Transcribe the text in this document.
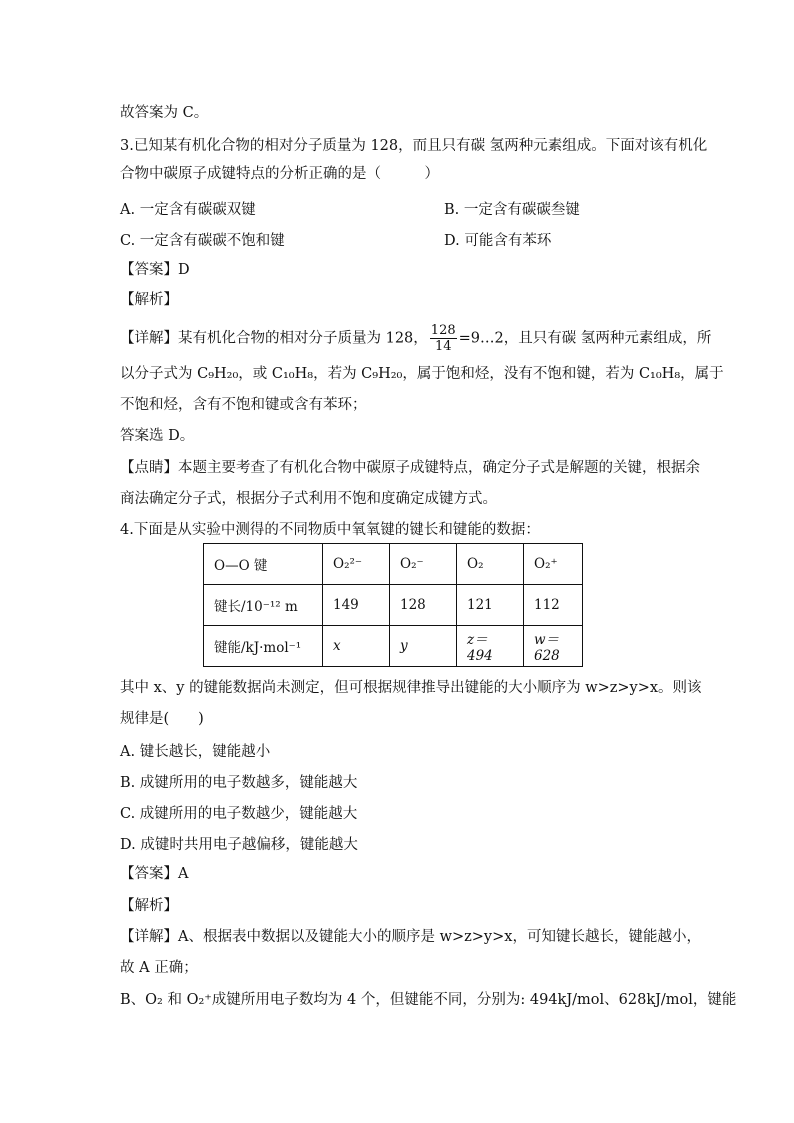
故答案为 C。
3.已知某有机化合物的相对分子质量为 128，而且只有碳 氢两种元素组成。下面对该有机化
合物中碳原子成键特点的分析正确的是（　　　）
A. 一定含有碳碳双键	B. 一定含有碳碳叁键
C. 一定含有碳碳不饱和键	D. 可能含有苯环
【答案】D
【解析】
【详解】某有机化合物的相对分子质量为 128， $\frac{128}{14}$ =9…2，且只有碳 氢两种元素组成，所
以分子式为 C₉H₂₀，或 C₁₀H₈，若为 C₉H₂₀，属于饱和烃，没有不饱和键，若为 C₁₀H₈，属于
不饱和烃，含有不饱和键或含有苯环；
答案选 D。
【点睛】本题主要考查了有机化合物中碳原子成键特点，确定分子式是解题的关键，根据余
商法确定分子式，根据分子式利用不饱和度确定成键方式。
4.下面是从实验中测得的不同物质中氧氧键的键长和键能的数据：
O—O 键	O₂²⁻	O₂⁻	O₂	O₂⁺
键长/10⁻¹² m	149	128	121	112
键能/kJ·mol⁻¹	x	y	z＝494	w＝628
其中 x、y 的键能数据尚未测定，但可根据规律推导出键能的大小顺序为 w>z>y>x。则该
规律是(　　)
A. 键长越长，键能越小
B. 成键所用的电子数越多，键能越大
C. 成键所用的电子数越少，键能越大
D. 成键时共用电子越偏移，键能越大
【答案】A
【解析】
【详解】A、根据表中数据以及键能大小的顺序是 w>z>y>x，可知键长越长，键能越小，
故 A 正确；
B、O₂ 和 O₂⁺成键所用电子数均为 4 个，但键能不同，分别为: 494kJ/mol、628kJ/mol，键能
